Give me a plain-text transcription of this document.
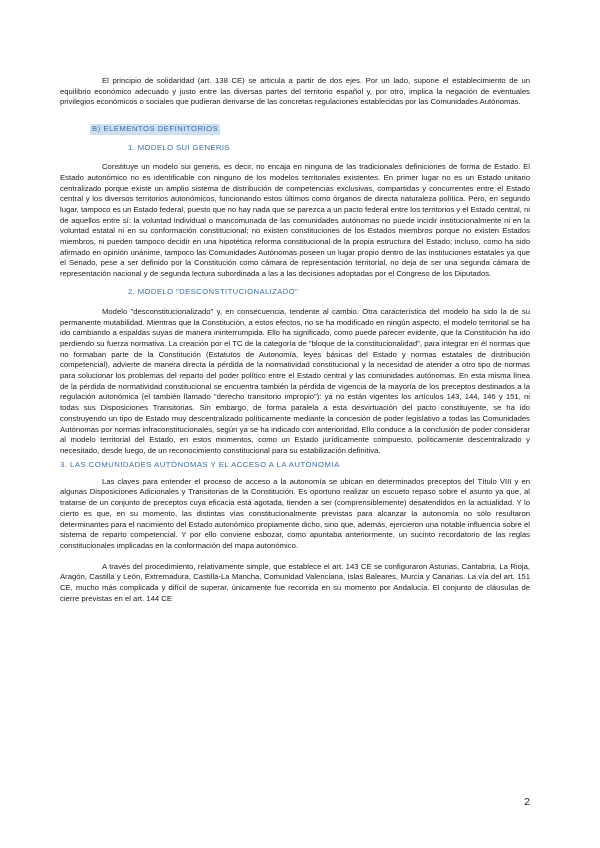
El principio de solidaridad (art. 138 CE) se articula a partir de dos ejes. Por un lado, supone el establecimiento de un equilibrio económico adecuado y justo entre las diversas partes del territorio español y, por otro, implica la negación de eventuales privilegios económicos o sociales que pudieran derivarse de las concretas regulaciones establecidas por las Comunidades Autónomas.

B) ELEMENTOS DEFINITORIOS
1. MODELO SUI GENERIS

Constituye un modelo sui generis, es decir, no encaja en ninguna de las tradicionales definiciones de forma de Estado. El Estado autonómico no es identificable con ninguno de los modelos territoriales existentes. En primer lugar no es un Estado unitario centralizado porque existe un amplio sistema de distribución de competencias exclusivas, compartidas y concurrentes entre el Estado central y los diversos territorios autonómicos, funcionando estos últimos como órganos de directa naturaleza política. Pero, en segundo lugar, tampoco es un Estado federal, puesto que no hay nada que se parezca a un pacto federal entre los territorios y el Estado central, ni de aquellos entre sí: la voluntad individual o mancomunada de las comunidades autónomas no puede incidir institucionalmente ni en la voluntad estatal ni en su conformación constitucional; no existen constituciones de los Estados miembros porque no existen Estados miembros, ni pueden tampoco decidir en una hipotética reforma constitucional de la propia estructura del Estado; incluso, como ha sido afirmado en opinión unánime, tampoco las Comunidades Autónomas poseen un lugar propio dentro de las instituciones estatales ya que el Senado, pese a ser definido por la Constitución como cámara de representación territorial, no deja de ser una segunda cámara de representación nacional y de segunda lectura subordinada a las a las decisiones adoptadas por el Congreso de los Diputados.

2. MODELO "DESCONSTITUCIONALIZADO"

Modelo "desconstitucionalizado" y, en consecuencia, tendente al cambio. Otra característica del modelo ha sido la de su permanente mutabilidad. Mientras que la Constitución, a estos efectos, no se ha modificado en ningún aspecto, el modelo territorial se ha ido cambiando a espaldas suyas de manera ininterrumpida. Ello ha significado, como puede parecer evidente, que la Constitución ha ido perdiendo su fuerza normativa. La creación por el TC de la categoría de "bloque de la constitucionalidad", para integrar en él normas que no formaban parte de la Constitución (Estatutos de Autonomía, leyes básicas del Estado y normas estatales de distribución competencial), advierte de manera directa la pérdida de la normatividad constitucional y la necesidad de atender a otro tipo de normas para solucionar los problemas del reparto del poder político entre el Estado central y las comunidades autónomas. En esta misma línea de la pérdida de normatividad constitucional se encuentra también la pérdida de vigencia de la mayoría de los preceptos destinados a la regulación autonómica (el también llamado "derecho transitorio impropio"): ya no están vigentes los artículos 143, 144, 146 y 151, ni todas sus Disposiciones Transitorias. Sin embargo, de forma paralela a esta desvirtuación del pacto constituyente, se ha ido construyendo un tipo de Estado muy descentralizado políticamente mediante la concesión de poder legislativo a todas las Comunidades Autónomas por normas infraconstitucionales, según ya se ha indicado con anterioridad. Ello conduce a la conclusión de poder considerar al modelo territorial del Estado, en estos momentos, como un Estado jurídicamente compuesto, políticamente descentralizado y necesitado, desde luego, de un reconocimiento constitucional para su estabilización definitiva.

3. LAS COMUNIDADES AUTÓNOMAS Y EL ACCESO A LA AUTONOMIA

Las claves para entender el proceso de acceso a la autonomía se ubican en determinados preceptos del Título VIII y en algunas Disposiciones Adicionales y Transitorias de la Constitución. Es oportuno realizar un escueto repaso sobre el asunto ya que, al tratarse de un conjunto de preceptos cuya eficacia está agotada, tienden a ser (comprensiblemente) desatendidos en la actualidad. Y lo cierto es que, en su momento, las distintas vías constitucionalmente previstas para alcanzar la autonomía no sólo resultaron determinantes para el nacimiento del Estado autonómico propiamente dicho, sino que, además, ejercieron una notable influencia sobre el sistema de reparto competencial. Y por ello conviene esbozar, como apuntaba anteriormente, un sucinto recordatorio de las reglas constitucionales implicadas en la conformación del mapa autonómico.

A través del procedimiento, relativamente simple, que establece el art. 143 CE se configuraron Asturias, Cantabria, La Rioja, Aragón, Castilla y León, Extremadura, Castilla-La Mancha, Comunidad Valenciana, Islas Baleares, Murcia y Canarias. La vía del art. 151 CE, mucho más complicada y difícil de superar, únicamente fue recorrida en su momento por Andalucía. El conjunto de cláusulas de cierre previstas en el art. 144 CE

2
